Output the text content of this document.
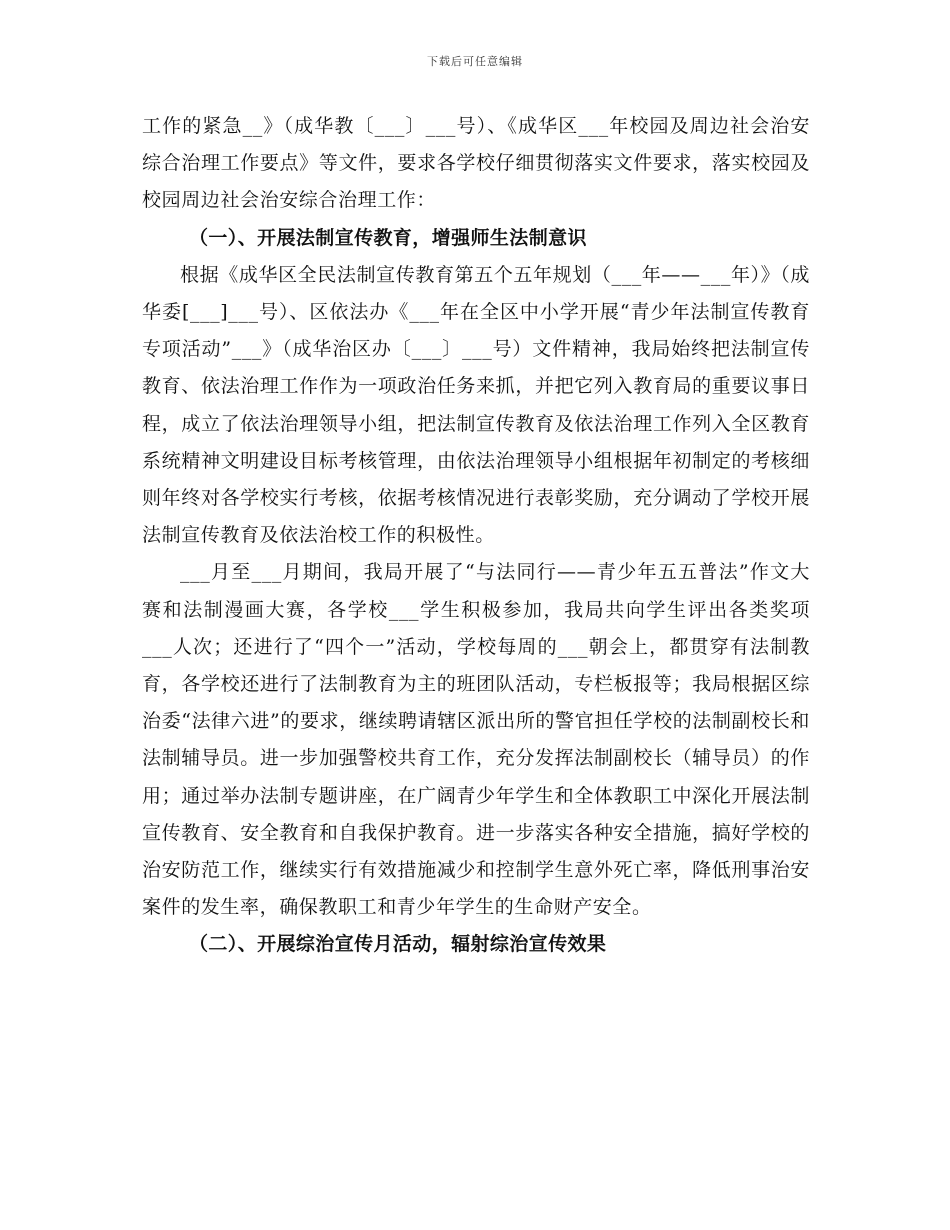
下载后可任意编辑

工作的紧急__》（成华教〔___〕___号）、《成华区___年校园及周边社会治安综合治理工作要点》等文件，要求各学校仔细贯彻落实文件要求，落实校园及校园周边社会治安综合治理工作：

（一）、开展法制宣传教育，增强师生法制意识

根据《成华区全民法制宣传教育第五个五年规划（___年——___年）》（成华委[___]___号）、区依法办《___年在全区中小学开展“青少年法制宣传教育专项活动”___》（成华治区办〔___〕___号）文件精神，我局始终把法制宣传教育、依法治理工作作为一项政治任务来抓，并把它列入教育局的重要议事日程，成立了依法治理领导小组，把法制宣传教育及依法治理工作列入全区教育系统精神文明建设目标考核管理，由依法治理领导小组根据年初制定的考核细则年终对各学校实行考核，依据考核情况进行表彰奖励，充分调动了学校开展法制宣传教育及依法治校工作的积极性。

___月至___月期间，我局开展了“与法同行——青少年五五普法”作文大赛和法制漫画大赛，各学校___学生积极参加，我局共向学生评出各类奖项___人次；还进行了“四个一”活动，学校每周的___朝会上，都贯穿有法制教育，各学校还进行了法制教育为主的班团队活动，专栏板报等；我局根据区综治委“法律六进”的要求，继续聘请辖区派出所的警官担任学校的法制副校长和法制辅导员。进一步加强警校共育工作，充分发挥法制副校长（辅导员）的作用；通过举办法制专题讲座，在广阔青少年学生和全体教职工中深化开展法制宣传教育、安全教育和自我保护教育。进一步落实各种安全措施，搞好学校的治安防范工作，继续实行有效措施减少和控制学生意外死亡率，降低刑事治安案件的发生率，确保教职工和青少年学生的生命财产安全。

（二）、开展综治宣传月活动，辐射综治宣传效果
